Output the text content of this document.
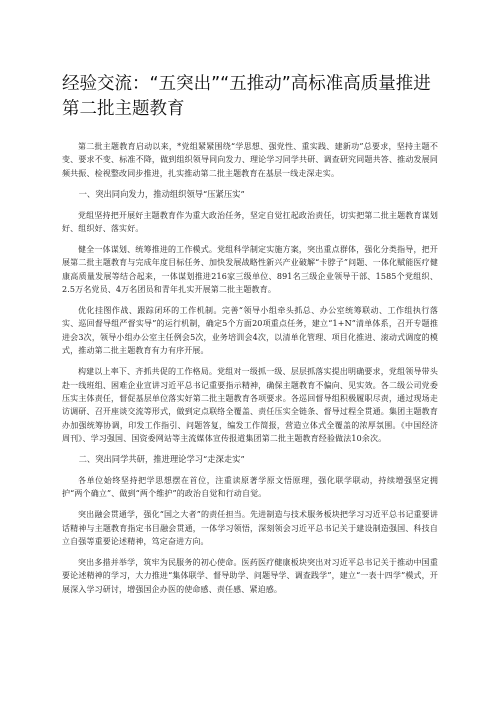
经验交流：“五突出”“五推动”高标准高质量推进第二批主题教育

第二批主题教育启动以来，*党组紧紧围绕“学思想、强党性、重实践、建新功”总要求，坚持主题不变、要求不变、标准不降，做到组织领导同向发力、理论学习同学共研、调查研究同题共答、推动发展同频共振、检视整改同步推进，扎实推动第二批主题教育在基层一线走深走实。

一、突出同向发力，推动组织领导“压紧压实”

党组坚持把开展好主题教育作为重大政治任务，坚定自觉扛起政治责任，切实把第二批主题教育谋划好、组织好、落实好。

健全一体谋划、统筹推进的工作模式。党组科学制定实施方案，突出重点群体，强化分类指导，把开展第二批主题教育与完成年度目标任务、加快发展战略性新兴产业破解“卡脖子”问题、一体化赋能医疗健康高质量发展等结合起来，一体谋划推进216家三级单位、891名三级企业领导干部、1585个党组织、2.5万名党员、4万名团员和青年扎实开展第二批主题教育。

优化挂图作战、跟踪闭环的工作机制。完善“领导小组牵头抓总、办公室统筹联动、工作组执行落实、巡回督导组严督实导”的运行机制，确定5个方面20项重点任务，建立“1+N”清单体系，召开专题推进会3次，领导小组办公室主任例会5次，业务培训会4次，以清单化管理、项目化推进、滚动式调度的模式，推动第二批主题教育有力有序开展。

构建以上率下、齐抓共促的工作格局。党组对一级抓一级、层层抓落实提出明确要求，党组领导带头赴一线班组、困难企业宣讲习近平总书记重要指示精神，确保主题教育不偏向、见实效。各二级公司党委压实主体责任，督促基层单位落实好第二批主题教育各项要求。各巡回督导组积极履职尽责，通过现场走访调研、召开座谈交流等形式，做到定点联络全覆盖、责任压实全链条、督导过程全贯通。集团主题教育办加强统筹协调，印发工作指引、问题答复，编发工作简报，营造立体式全覆盖的浓厚氛围。《中国经济周刊》、学习强国、国资委网站等主流媒体宣传报道集团第二批主题教育经验做法10余次。

二、突出同学共研，推进理论学习“走深走实”

各单位始终坚持把学思想摆在首位，注重读原著学原文悟原理，强化联学联动，持续增强坚定拥护“两个确立”、做到“两个维护”的政治自觉和行动自觉。

突出融会贯通学，强化“国之大者”的责任担当。先进制造与技术服务板块把学习习近平总书记重要讲话精神与主题教育指定书目融会贯通，一体学习领悟，深刻领会习近平总书记关于建设制造强国、科技自立自强等重要论述精神，笃定奋进方向。

突出多措并举学，筑牢为民服务的初心使命。医药医疗健康板块突出对习近平总书记关于推动中国重要论述精神的学习，大力推进“集体联学、督导助学、问题导学、调查践学”，建立“一表十四学”模式，开展深入学习研讨，增强国企办医的使命感、责任感、紧迫感。
